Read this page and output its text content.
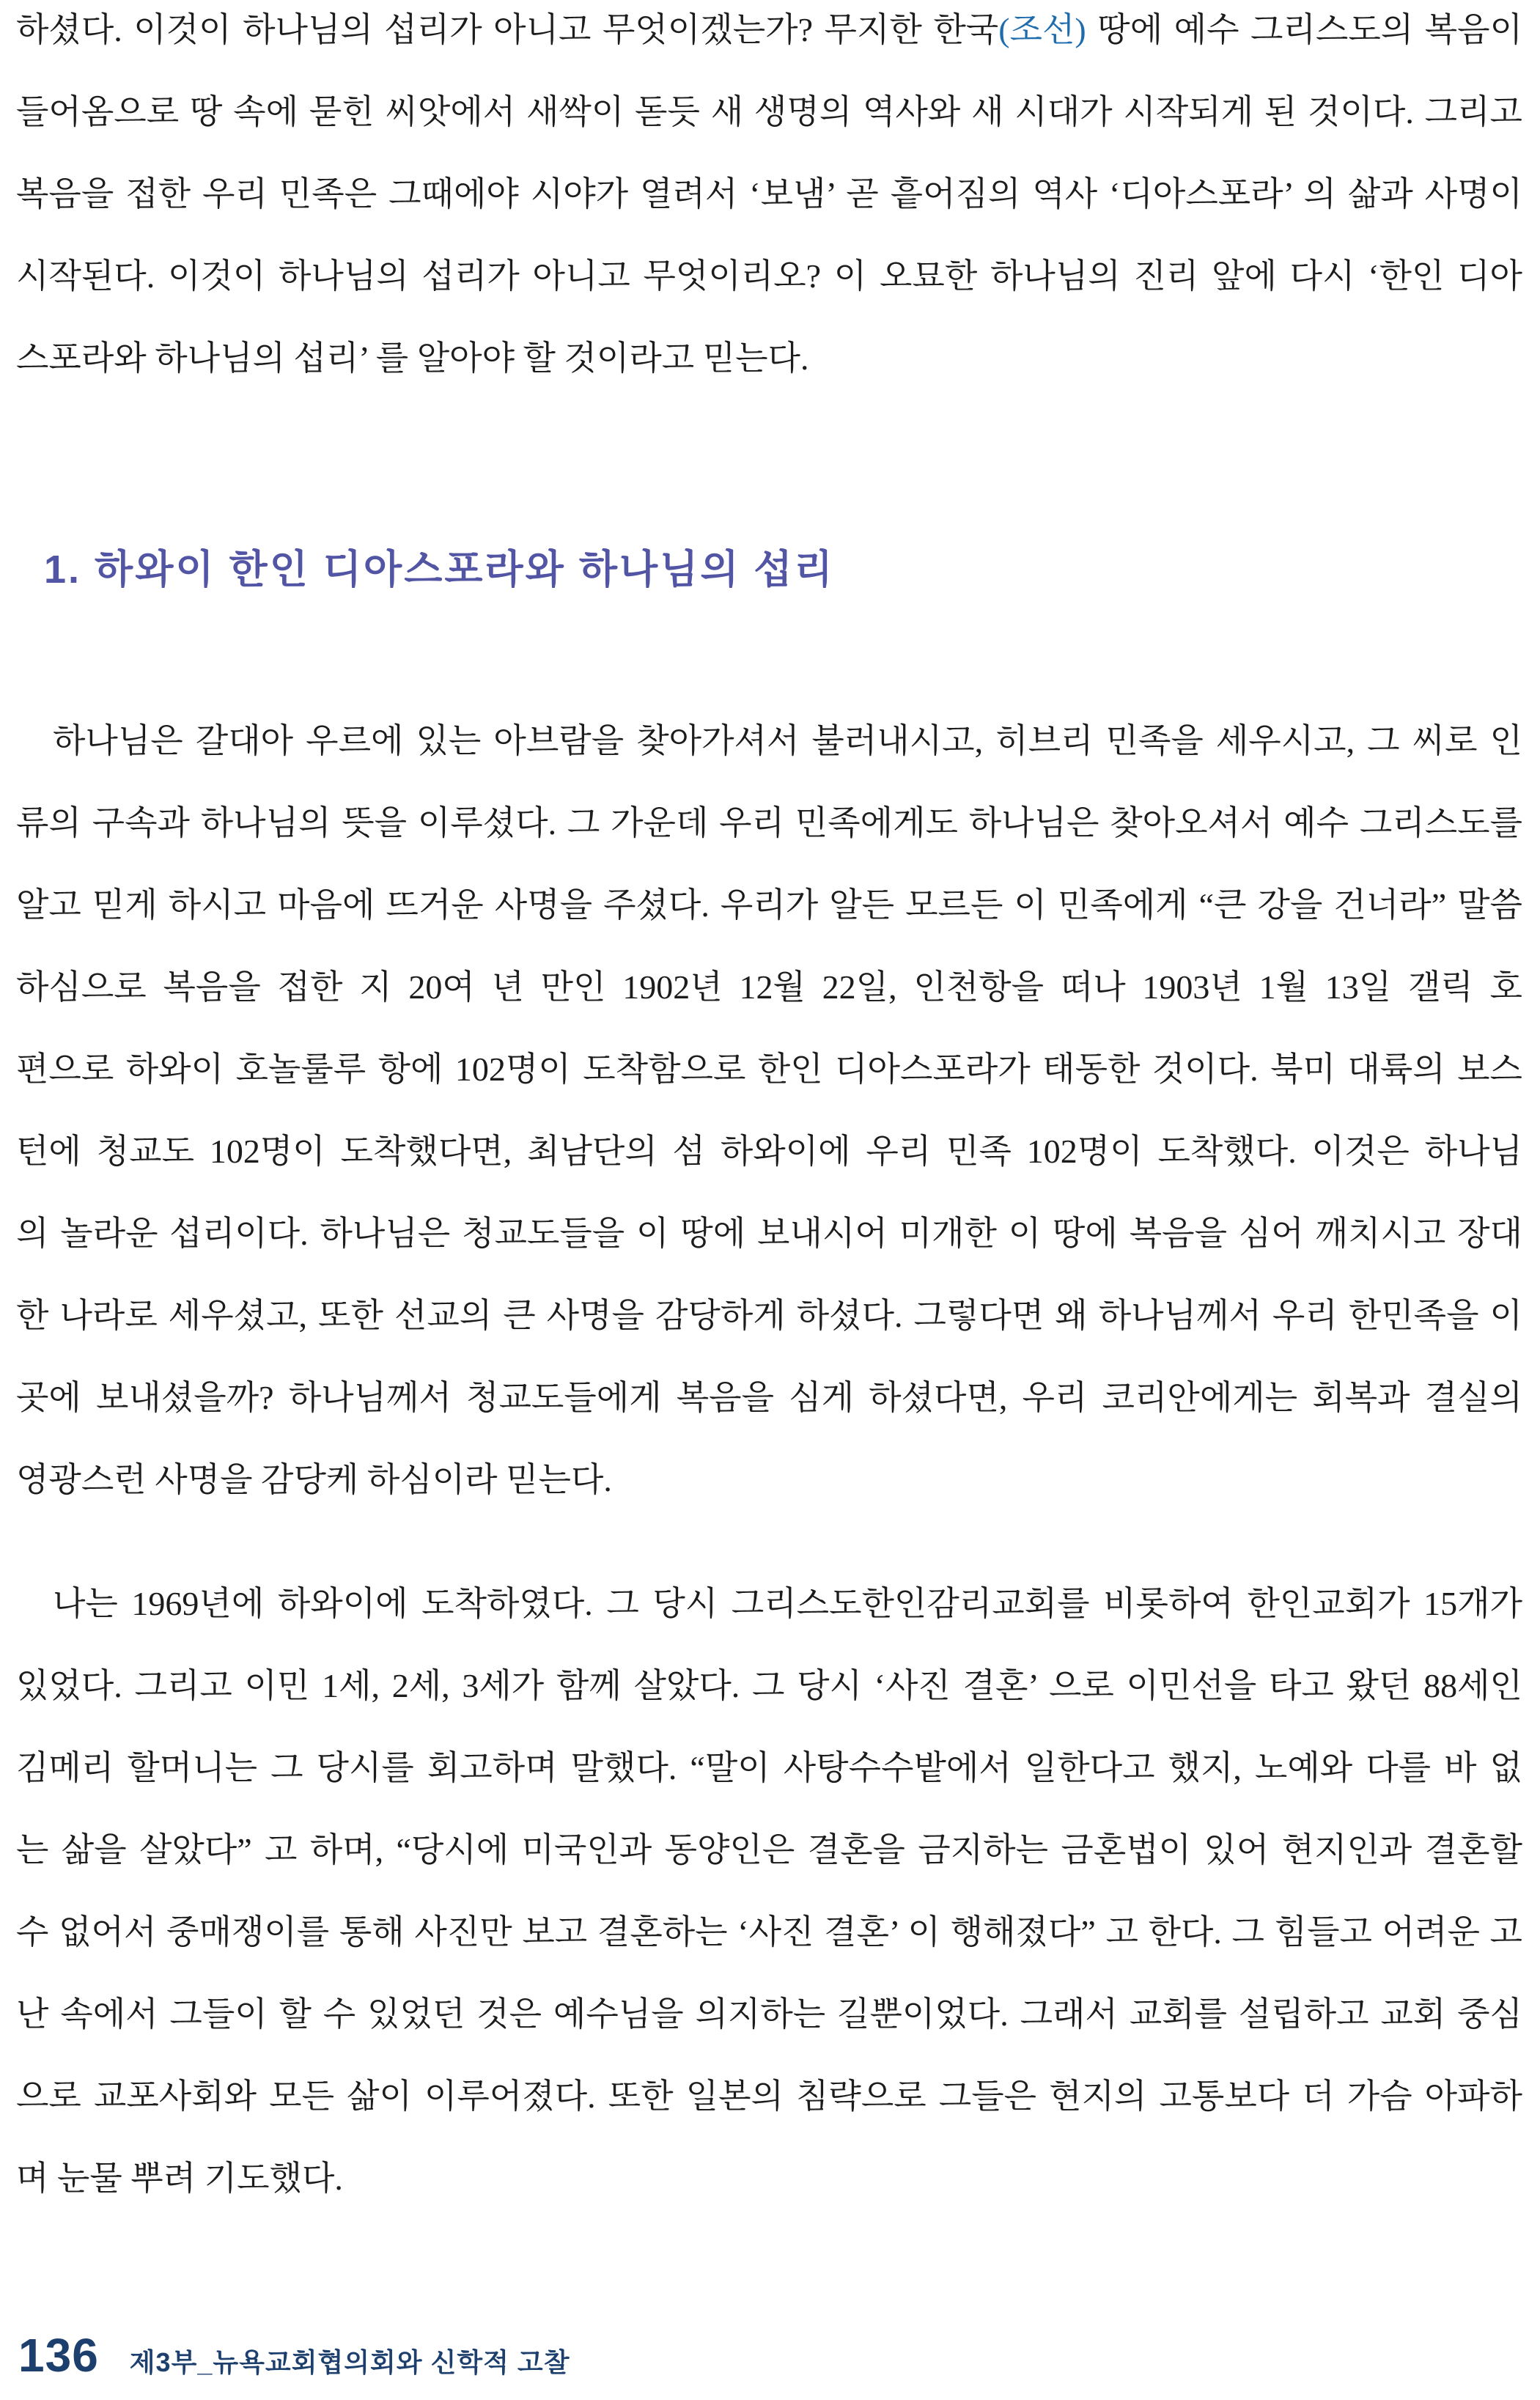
하셨다. 이것이 하나님의 섭리가 아니고 무엇이겠는가? 무지한 한국(조선) 땅에 예수 그리스도의 복음이
들어옴으로 땅 속에 묻힌 씨앗에서 새싹이 돋듯 새 생명의 역사와 새 시대가 시작되게 된 것이다. 그리고
복음을 접한 우리 민족은 그때에야 시야가 열려서 ‘보냄’ 곧 흩어짐의 역사 ‘디아스포라’ 의 삶과 사명이
시작된다. 이것이 하나님의 섭리가 아니고 무엇이리오? 이 오묘한 하나님의 진리 앞에 다시 ‘한인 디아
스포라와 하나님의 섭리’ 를 알아야 할 것이라고 믿는다.
1. 하와이 한인 디아스포라와 하나님의 섭리
하나님은 갈대아 우르에 있는 아브람을 찾아가셔서 불러내시고, 히브리 민족을 세우시고, 그 씨로 인
류의 구속과 하나님의 뜻을 이루셨다. 그 가운데 우리 민족에게도 하나님은 찾아오셔서 예수 그리스도를
알고 믿게 하시고 마음에 뜨거운 사명을 주셨다. 우리가 알든 모르든 이 민족에게 “큰 강을 건너라” 말씀
하심으로 복음을 접한 지 20여 년 만인 1902년 12월 22일, 인천항을 떠나 1903년 1월 13일 갤릭 호
편으로 하와이 호놀룰루 항에 102명이 도착함으로 한인 디아스포라가 태동한 것이다. 북미 대륙의 보스
턴에 청교도 102명이 도착했다면, 최남단의 섬 하와이에 우리 민족 102명이 도착했다. 이것은 하나님
의 놀라운 섭리이다. 하나님은 청교도들을 이 땅에 보내시어 미개한 이 땅에 복음을 심어 깨치시고 장대
한 나라로 세우셨고, 또한 선교의 큰 사명을 감당하게 하셨다. 그렇다면 왜 하나님께서 우리 한민족을 이
곳에 보내셨을까? 하나님께서 청교도들에게 복음을 심게 하셨다면, 우리 코리안에게는 회복과 결실의
영광스런 사명을 감당케 하심이라 믿는다.
나는 1969년에 하와이에 도착하였다. 그 당시 그리스도한인감리교회를 비롯하여 한인교회가 15개가
있었다. 그리고 이민 1세, 2세, 3세가 함께 살았다. 그 당시 ‘사진 결혼’ 으로 이민선을 타고 왔던 88세인
김메리 할머니는 그 당시를 회고하며 말했다. “말이 사탕수수밭에서 일한다고 했지, 노예와 다를 바 없
는 삶을 살았다” 고 하며, “당시에 미국인과 동양인은 결혼을 금지하는 금혼법이 있어 현지인과 결혼할
수 없어서 중매쟁이를 통해 사진만 보고 결혼하는 ‘사진 결혼’ 이 행해졌다” 고 한다. 그 힘들고 어려운 고
난 속에서 그들이 할 수 있었던 것은 예수님을 의지하는 길뿐이었다. 그래서 교회를 설립하고 교회 중심
으로 교포사회와 모든 삶이 이루어졌다. 또한 일본의 침략으로 그들은 현지의 고통보다 더 가슴 아파하
며 눈물 뿌려 기도했다.
136 제3부_뉴욕교회협의회와 신학적 고찰
